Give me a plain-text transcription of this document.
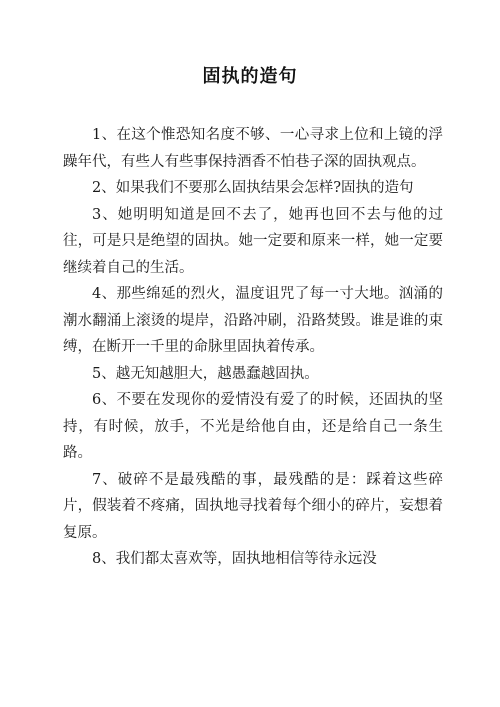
固执的造句

1、在这个惟恐知名度不够、一心寻求上位和上镜的浮躁年代，有些人有些事保持酒香不怕巷子深的固执观点。

2、如果我们不要那么固执结果会怎样?固执的造句

3、她明明知道是回不去了，她再也回不去与他的过往，可是只是绝望的固执。她一定要和原来一样，她一定要继续着自己的生活。

4、那些绵延的烈火，温度诅咒了每一寸大地。汹涌的潮水翻涌上滚烫的堤岸，沿路冲刷，沿路焚毁。谁是谁的束缚，在断开一千里的命脉里固执着传承。

5、越无知越胆大，越愚蠢越固执。

6、不要在发现你的爱情没有爱了的时候，还固执的坚持，有时候，放手，不光是给他自由，还是给自己一条生路。

7、破碎不是最残酷的事，最残酷的是：踩着这些碎片，假装着不疼痛，固执地寻找着每个细小的碎片，妄想着复原。

8、我们都太喜欢等，固执地相信等待永远没
